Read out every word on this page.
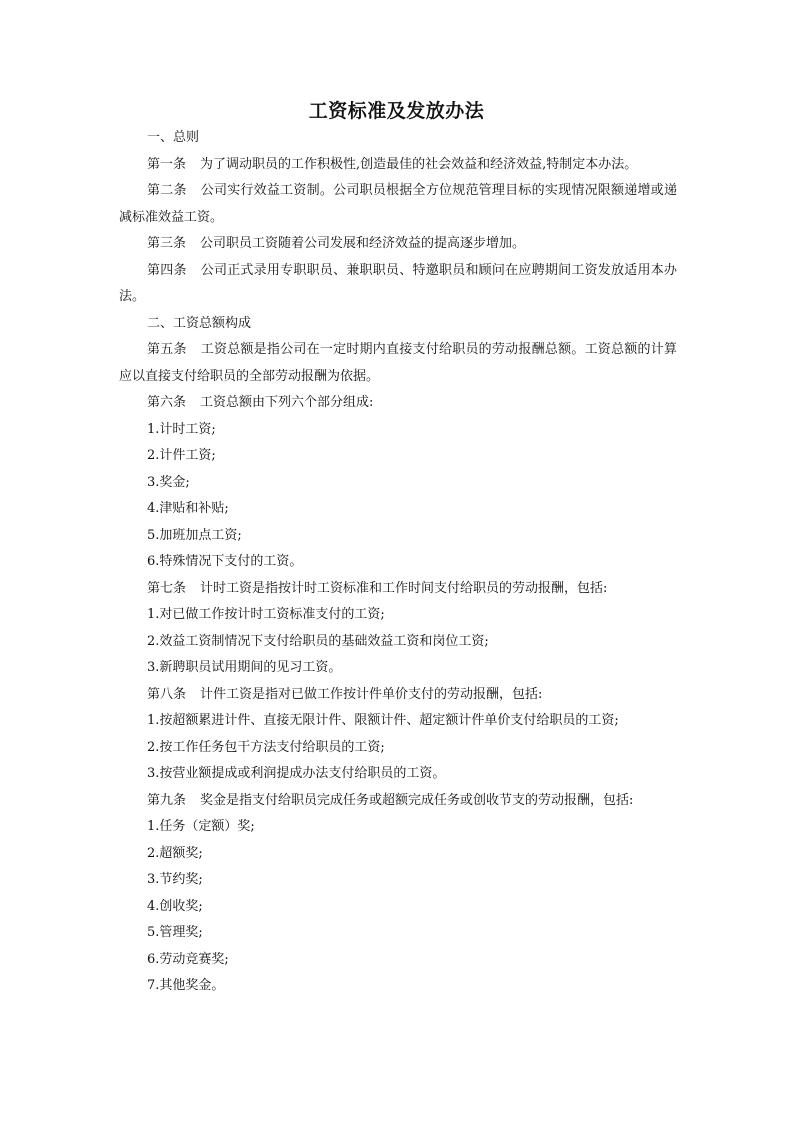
工资标准及发放办法

一、总则

第一条 为了调动职员的工作积极性,创造最佳的社会效益和经济效益,特制定本办法。

第二条 公司实行效益工资制。公司职员根据全方位规范管理目标的实现情况限额递增或递减标准效益工资。

第三条 公司职员工资随着公司发展和经济效益的提高逐步增加。

第四条 公司正式录用专职职员、兼职职员、特邀职员和顾问在应聘期间工资发放适用本办法。

二、工资总额构成

第五条 工资总额是指公司在一定时期内直接支付给职员的劳动报酬总额。工资总额的计算应以直接支付给职员的全部劳动报酬为依据。

第六条 工资总额由下列六个部分组成:

1.计时工资;

2.计件工资;

3.奖金;

4.津贴和补贴;

5.加班加点工资;

6.特殊情况下支付的工资。

第七条 计时工资是指按计时工资标准和工作时间支付给职员的劳动报酬，包括:

1.对已做工作按计时工资标准支付的工资;

2.效益工资制情况下支付给职员的基础效益工资和岗位工资;

3.新聘职员试用期间的见习工资。

第八条 计件工资是指对已做工作按计件单价支付的劳动报酬，包括:

1.按超额累进计件、直接无限计件、限额计件、超定额计件单价支付给职员的工资;

2.按工作任务包干方法支付给职员的工资;

3.按营业额提成或利润提成办法支付给职员的工资。

第九条 奖金是指支付给职员完成任务或超额完成任务或创收节支的劳动报酬，包括:

1.任务（定额）奖;

2.超额奖;

3.节约奖;

4.创收奖;

5.管理奖;

6.劳动竞赛奖;

7.其他奖金。
